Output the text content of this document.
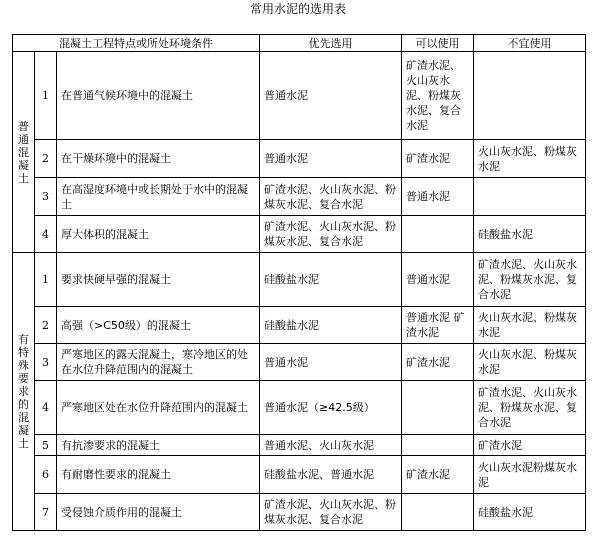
常用水泥的选用表
混凝土工程特点或所处环境条件			优先选用	可以使用	不宜使用

普通混凝土	1	在普通气候环境中的混凝土	普通水泥	矿渣水泥、火山灰水泥、粉煤灰水泥、复合水泥	
	2	在干燥环境中的混凝土	普通水泥	矿渣水泥	火山灰水泥、粉煤灰水泥
	3	在高湿度环境中或长期处于水中的混凝土	矿渣水泥、火山灰水泥、粉煤灰水泥、复合水泥	普通水泥	
	4	厚大体积的混凝土	矿渣水泥、火山灰水泥、粉煤灰水泥、复合水泥		硅酸盐水泥

有特殊要求的混凝土	1	要求快硬早强的混凝土	硅酸盐水泥	普通水泥	矿渣水泥、火山灰水泥、粉煤灰水泥、复合水泥
	2	高强（>C50级）的混凝土	硅酸盐水泥	普通水泥 矿渣水泥	火山灰水泥、粉煤灰水泥
	3	严寒地区的露天混凝土，寒冷地区的处在水位升降范围内的混凝土	普通水泥	矿渣水泥	火山灰水泥、粉煤灰水泥
	4	严寒地区处在水位升降范围内的混凝土	普通水泥（≥42.5级）		矿渣水泥、火山灰水泥、粉煤灰水泥、复合水泥
	5	有抗渗要求的混凝土	普通水泥、火山灰水泥		矿渣水泥
	6	有耐磨性要求的混凝土	硅酸盐水泥、普通水泥	矿渣水泥	火山灰水泥粉煤灰水泥
	7	受侵蚀介质作用的混凝土	矿渣水泥、火山灰水泥、粉煤灰水泥、复合水泥		硅酸盐水泥
